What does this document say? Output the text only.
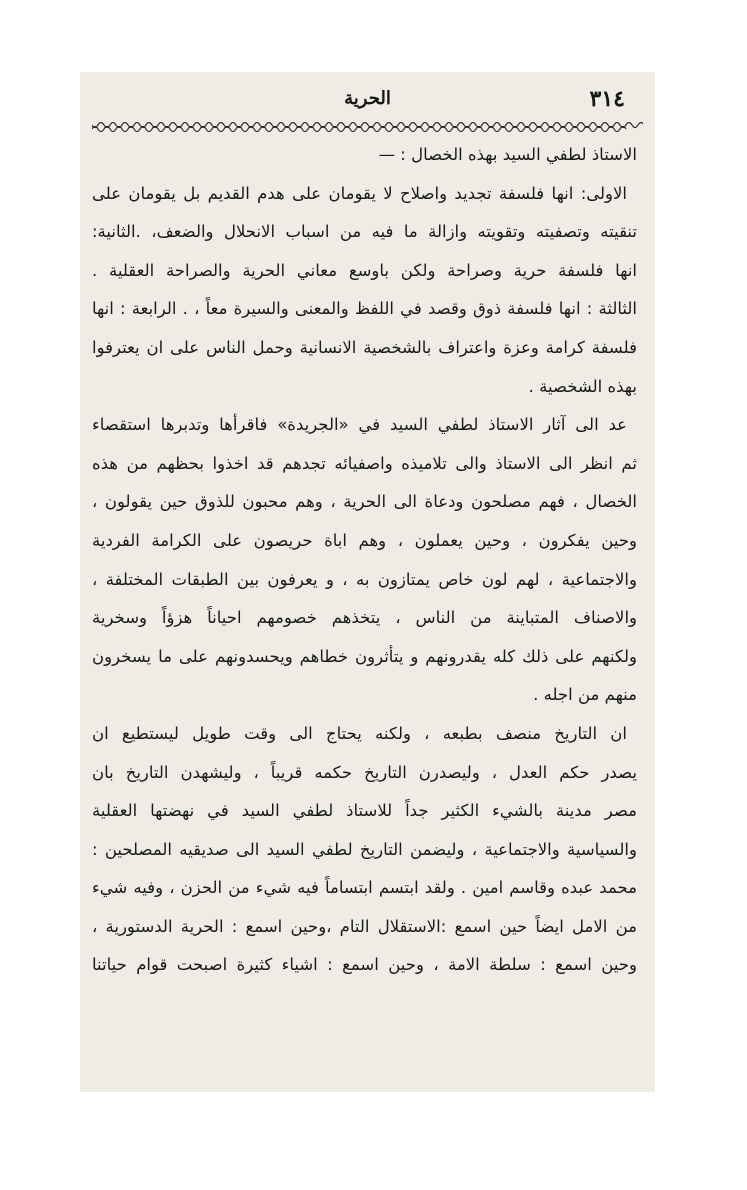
٣١٤
الحرية
الاستاذ لطفي السيد بهذه الخصال : —
الاولى: انها فلسفة تجديد واصلاح لا يقومان على هدم القديم بل يقومان على
تنقيته وتصفيته وتقويته وازالة ما فيه من اسباب الانحلال والضعف، .الثانية:
انها فلسفة حرية وصراحة ولكن باوسع معاني الحرية والصراحة العقلية .
الثالثة : انها فلسفة ذوق وقصد في اللفظ والمعنى والسيرة معاً ، . الرابعة : انها
فلسفة كرامة وعزة واعتراف بالشخصية الانسانية وحمل الناس على ان يعترفوا
بهذه الشخصية .
عد الى آثار الاستاذ لطفي السيد في «الجريدة» فاقرأها وتدبرها استقصاء
ثم انظر الى الاستاذ والى تلاميذه واصفيائه تجدهم قد اخذوا بحظهم من هذه
الخصال ، فهم مصلحون ودعاة الى الحرية ، وهم محبون للذوق حين يقولون ،
وحين يفكرون ، وحين يعملون ، وهم اباة حريصون على الكرامة الفردية
والاجتماعية ، لهم لون خاص يمتازون به ، و يعرفون بين الطبقات المختلفة ،
والاصناف المتباينة من الناس ، يتخذهم خصومهم احياناً هزؤاً وسخرية
ولكنهم على ذلك كله يقدرونهم و يتأثرون خطاهم ويحسدونهم على ما يسخرون
منهم من اجله .
ان التاريخ منصف بطبعه ، ولكنه يحتاج الى وقت طويل ليستطيع ان
يصدر حكم العدل ، وليصدرن التاريخ حكمه قريباً ، وليشهدن التاريخ بان
مصر مدينة بالشيء الكثير جداً للاستاذ لطفي السيد في نهضتها العقلية
والسياسية والاجتماعية ، وليضمن التاريخ لطفي السيد الى صديقيه المصلحين :
محمد عبده وقاسم امين . ولقد ابتسم ابتساماً فيه شيء من الحزن ، وفيه شيء
من الامل ايضاً حين اسمع :الاستقلال التام ،وحين اسمع : الحرية الدستورية ،
وحين اسمع : سلطة الامة ، وحين اسمع : اشياء كثيرة اصبحت قوام حياتنا
